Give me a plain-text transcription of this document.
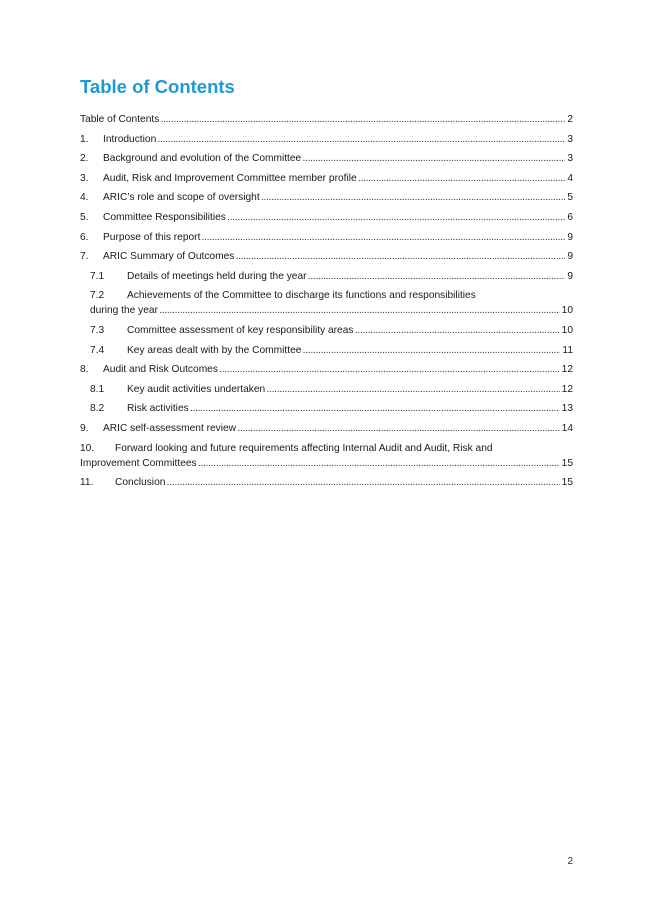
Table of Contents
Table of Contents . . .	2
1. Introduction . . .	3
2. Background and evolution of the Committee . . .	3
3. Audit, Risk and Improvement Committee member profile . . .	4
4. ARIC’s role and scope of oversight . . .	5
5. Committee Responsibilities . . .	6
6. Purpose of this report . . .	9
7. ARIC Summary of Outcomes . . .	9
7.1 Details of meetings held during the year . . .	9
7.2 Achievements of the Committee to discharge its functions and responsibilities
during the year . . .	10
7.3 Committee assessment of key responsibility areas . . .	10
7.4 Key areas dealt with by the Committee . . .	11
8. Audit and Risk Outcomes . . .	12
8.1 Key audit activities undertaken . . .	12
8.2 Risk activities . . .	13
9. ARIC self-assessment review . . .	14
10. Forward looking and future requirements affecting Internal Audit and Audit, Risk and
Improvement Committees . . .	15
11. Conclusion . . .	15
2
